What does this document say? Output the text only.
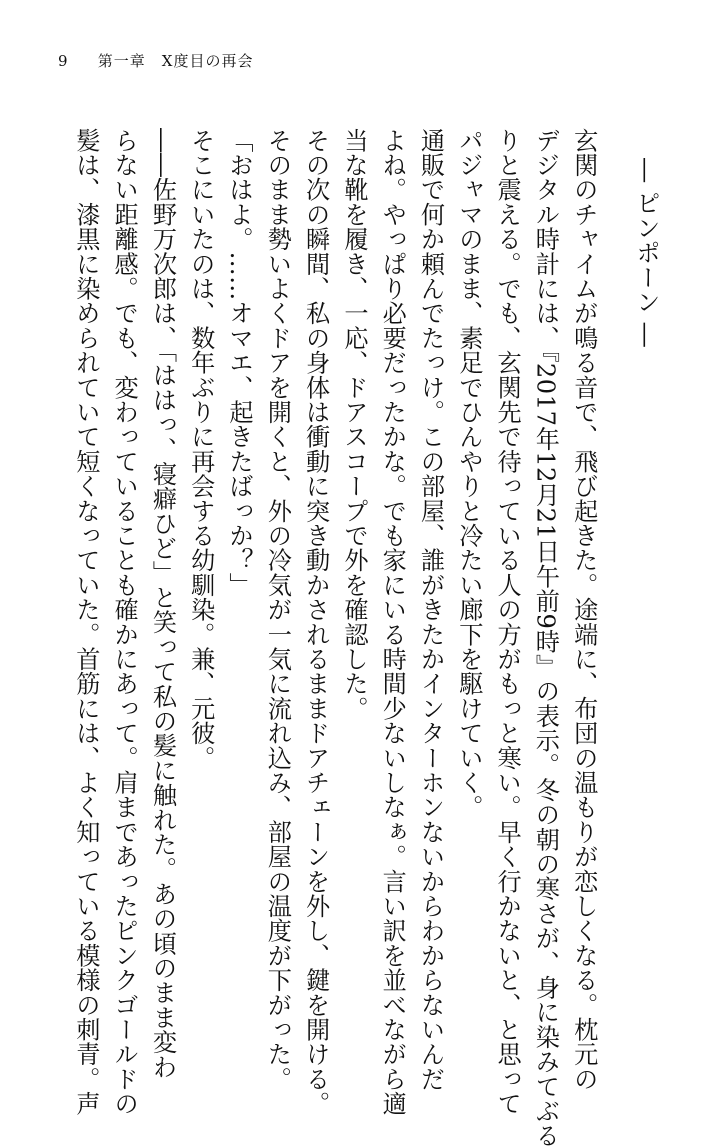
9 第一章　X度目の再会

― ピンポーン ―

玄関のチャイムが鳴る音で、飛び起きた。途端に、布団の温もりが恋しくなる。枕元の

デジタル時計には、『2017年12月21日午前9時』の表示。冬の朝の寒さが、身に染みてぶる

りと震える。でも、玄関先で待っている人の方がもっと寒い。早く行かないと、と思って

パジャマのまま、素足でひんやりと冷たい廊下を駆けていく。

通販で何か頼んでたっけ。この部屋、誰がきたかインターホンないからわからないんだ

よね。やっぱり必要だったかな。でも家にいる時間少ないしなぁ。言い訳を並べながら適

当な靴を履き、一応、ドアスコープで外を確認した。

その次の瞬間、私の身体は衝動に突き動かされるままドアチェーンを外し、鍵を開ける。

そのまま勢いよくドアを開くと、外の冷気が一気に流れ込み、部屋の温度が下がった。

「おはよ。……オマエ、起きたばっか？」

そこにいたのは、数年ぶりに再会する幼馴染。兼、元彼。

――佐野万次郎は、「ははっ、寝癖ひど」と笑って私の髪に触れた。あの頃のまま変わ

らない距離感。でも、変わっていることも確かにあって。肩まであったピンクゴールドの

髪は、漆黒に染められていて短くなっていた。首筋には、よく知っている模様の刺青。声
